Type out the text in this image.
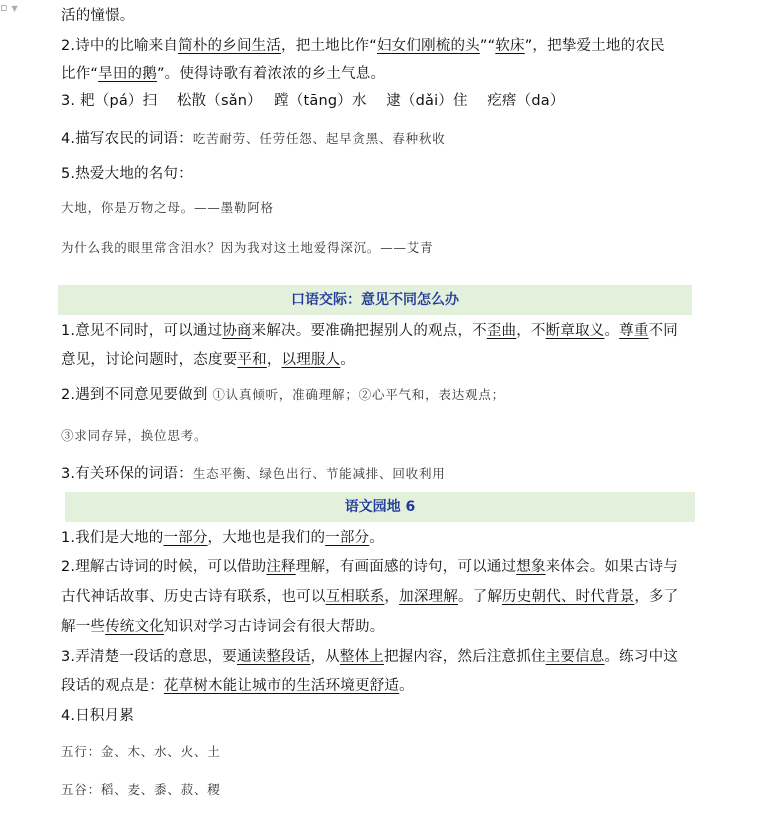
▫ ▼	活的憧憬。
2.诗中的比喻来自简朴的乡间生活，把土地比作“妇女们刚梳的头”“软床”，把挚爱土地的农民
比作“旱田的鹅”。使得诗歌有着浓浓的乡土气息。
3. 耙（pá）扫　 松散（sǎn）　 蹚（tāng）水　 逮（dǎi）住　 疙瘩（da）
4.描写农民的词语：吃苦耐劳、任劳任怨、起早贪黑、春种秋收
5.热爱大地的名句：
大地，你是万物之母。——墨勒阿格
为什么我的眼里常含泪水？因为我对这土地爱得深沉。——艾青
口语交际：意见不同怎么办
1.意见不同时，可以通过协商来解决。要准确把握别人的观点，不歪曲，不断章取义。尊重不同
意见，讨论问题时，态度要平和，以理服人。
2.遇到不同意见要做到 ①认真倾听，准确理解；②心平气和，表达观点；
③求同存异，换位思考。
3.有关环保的词语：生态平衡、绿色出行、节能减排、回收利用
语文园地 6
1.我们是大地的一部分，大地也是我们的一部分。
2.理解古诗词的时候，可以借助注释理解，有画面感的诗句，可以通过想象来体会。如果古诗与
古代神话故事、历史古诗有联系，也可以互相联系，加深理解。了解历史朝代、时代背景，多了
解一些传统文化知识对学习古诗词会有很大帮助。
3.弄清楚一段话的意思，要通读整段话，从整体上把握内容，然后注意抓住主要信息。练习中这
段话的观点是：花草树木能让城市的生活环境更舒适。
4.日积月累
五行：金、木、水、火、土
五谷：稻、麦、黍、菽、稷
